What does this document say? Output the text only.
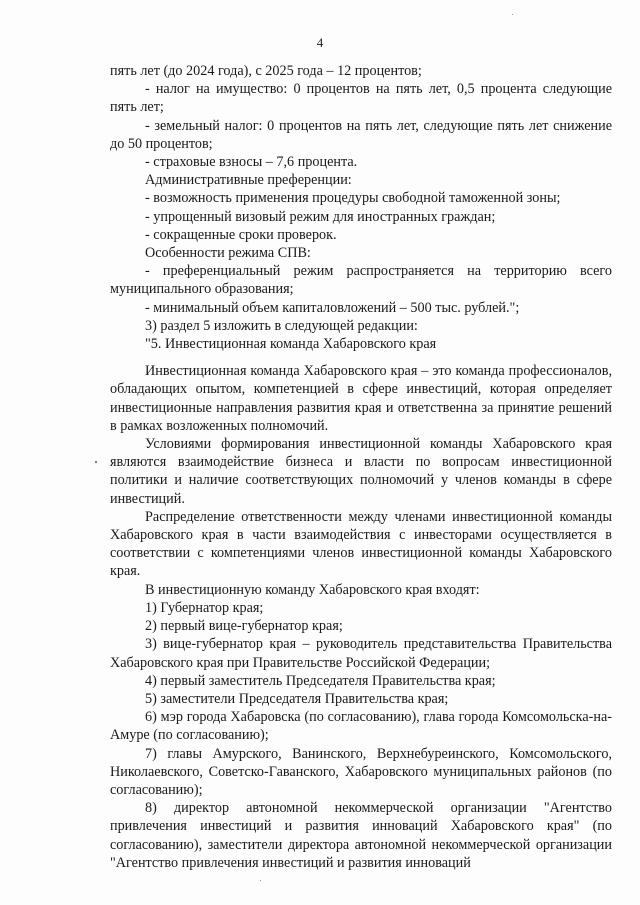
4

пять лет (до 2024 года), с 2025 года – 12 процентов;

- налог на имущество: 0 процентов на пять лет, 0,5 процента следующие пять лет;

- земельный налог: 0 процентов на пять лет, следующие пять лет снижение до 50 процентов;

- страховые взносы – 7,6 процента.

Административные преференции:

- возможность применения процедуры свободной таможенной зоны;

- упрощенный визовый режим для иностранных граждан;

- сокращенные сроки проверок.

Особенности режима СПВ:

- преференциальный режим распространяется на территорию всего муниципального образования;

- минимальный объем капиталовложений – 500 тыс. рублей.";

3) раздел 5 изложить в следующей редакции:

"5. Инвестиционная команда Хабаровского края

Инвестиционная команда Хабаровского края – это команда профессионалов, обладающих опытом, компетенцией в сфере инвестиций, которая определяет инвестиционные направления развития края и ответственна за принятие решений в рамках возложенных полномочий.

Условиями формирования инвестиционной команды Хабаровского края являются взаимодействие бизнеса и власти по вопросам инвестиционной политики и наличие соответствующих полномочий у членов команды в сфере инвестиций.

Распределение ответственности между членами инвестиционной команды Хабаровского края в части взаимодействия с инвесторами осуществляется в соответствии с компетенциями членов инвестиционной команды Хабаровского края.

В инвестиционную команду Хабаровского края входят:

1) Губернатор края;

2) первый вице-губернатор края;

3) вице-губернатор края – руководитель представительства Правительства Хабаровского края при Правительстве Российской Федерации;

4) первый заместитель Председателя Правительства края;

5) заместители Председателя Правительства края;

6) мэр города Хабаровска (по согласованию), глава города Комсомольска-на-Амуре (по согласованию);

7) главы Амурского, Ванинского, Верхнебуреинского, Комсомольского, Николаевского, Советско-Гаванского, Хабаровского муниципальных районов (по согласованию);

8) директор автономной некоммерческой организации "Агентство привлечения инвестиций и развития инноваций Хабаровского края" (по согласованию), заместители директора автономной некоммерческой организации "Агентство привлечения инвестиций и развития инноваций
